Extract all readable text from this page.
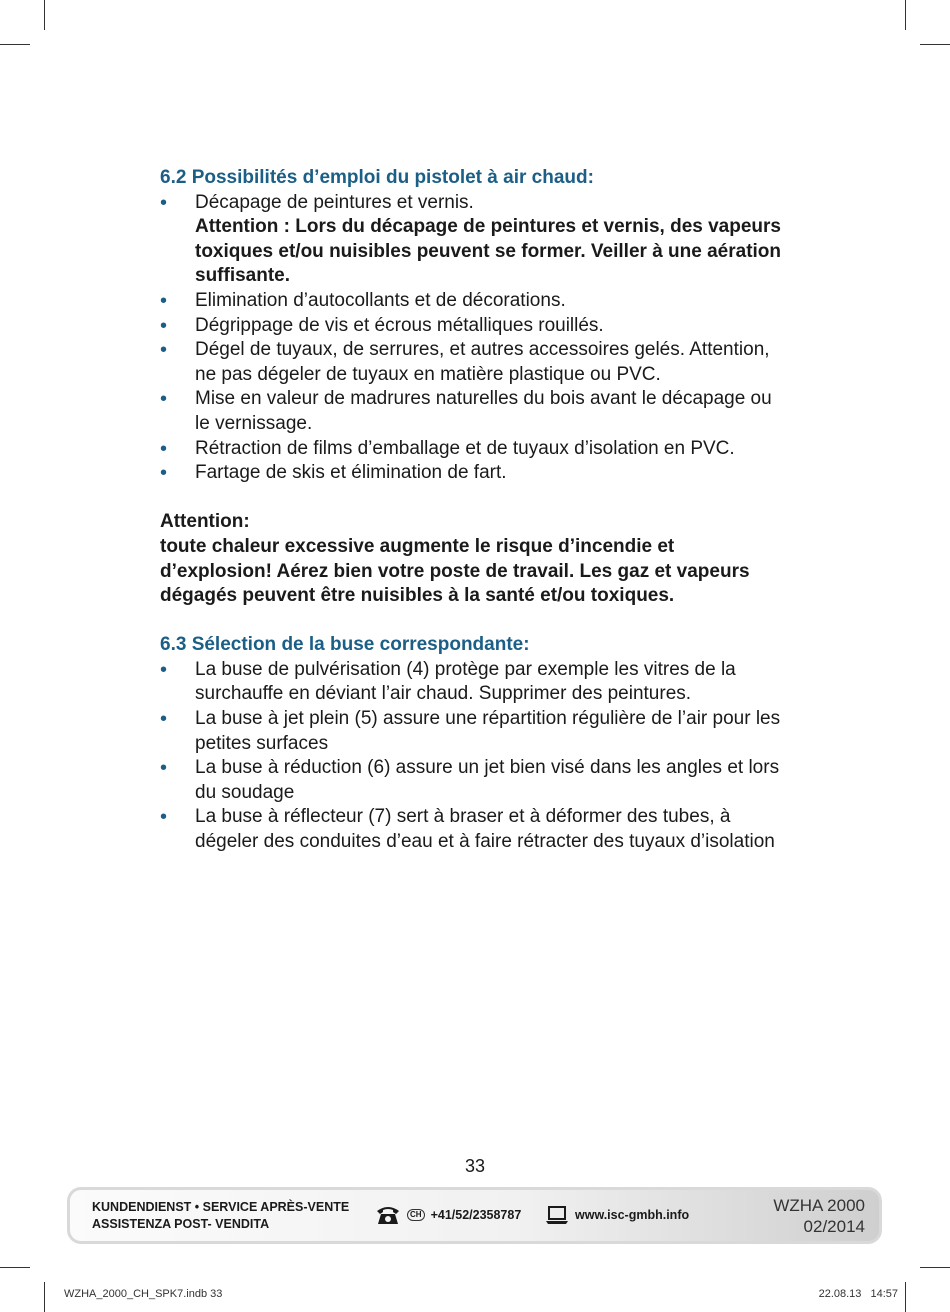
6.2 Possibilités d’emploi du pistolet à air chaud:

• Décapage de peintures et vernis.
Attention : Lors du décapage de peintures et vernis, des vapeurs toxiques et/ou nuisibles peuvent se former. Veiller à une aération suffisante.
• Elimination d’autocollants et de décorations.
• Dégrippage de vis et écrous métalliques rouillés.
• Dégel de tuyaux, de serrures, et autres accessoires gelés. Attention, ne pas dégeler de tuyaux en matière plastique ou PVC.
• Mise en valeur de madrures naturelles du bois avant le décapage ou le vernissage.
• Rétraction de films d’emballage et de tuyaux d’isolation en PVC.
• Fartage de skis et élimination de fart.

Attention:

toute chaleur excessive augmente le risque d’incendie et d’explosion! Aérez bien votre poste de travail. Les gaz et vapeurs dégagés peuvent être nuisibles à la santé et/ou toxiques.

6.3 Sélection de la buse correspondante:

• La buse de pulvérisation (4) protège par exemple les vitres de la surchauffe en déviant l’air chaud. Supprimer des peintures.
• La buse à jet plein (5) assure une répartition régulière de l’air pour les petites surfaces
• La buse à réduction (6) assure un jet bien visé dans les angles et lors du soudage
• La buse à réflecteur (7) sert à braser et à déformer des tubes, à dégeler des conduites d’eau et à faire rétracter des tuyaux d’isolation
33
KUNDENDIENST • SERVICE APRÈS-VENTE
ASSISTENZA POST- VENDITA
CH +41/52/2358787	www.isc-gmbh.info	WZHA 2000
02/2014
WZHA_2000_CH_SPK7.indb 33	22.08.13 14:57
